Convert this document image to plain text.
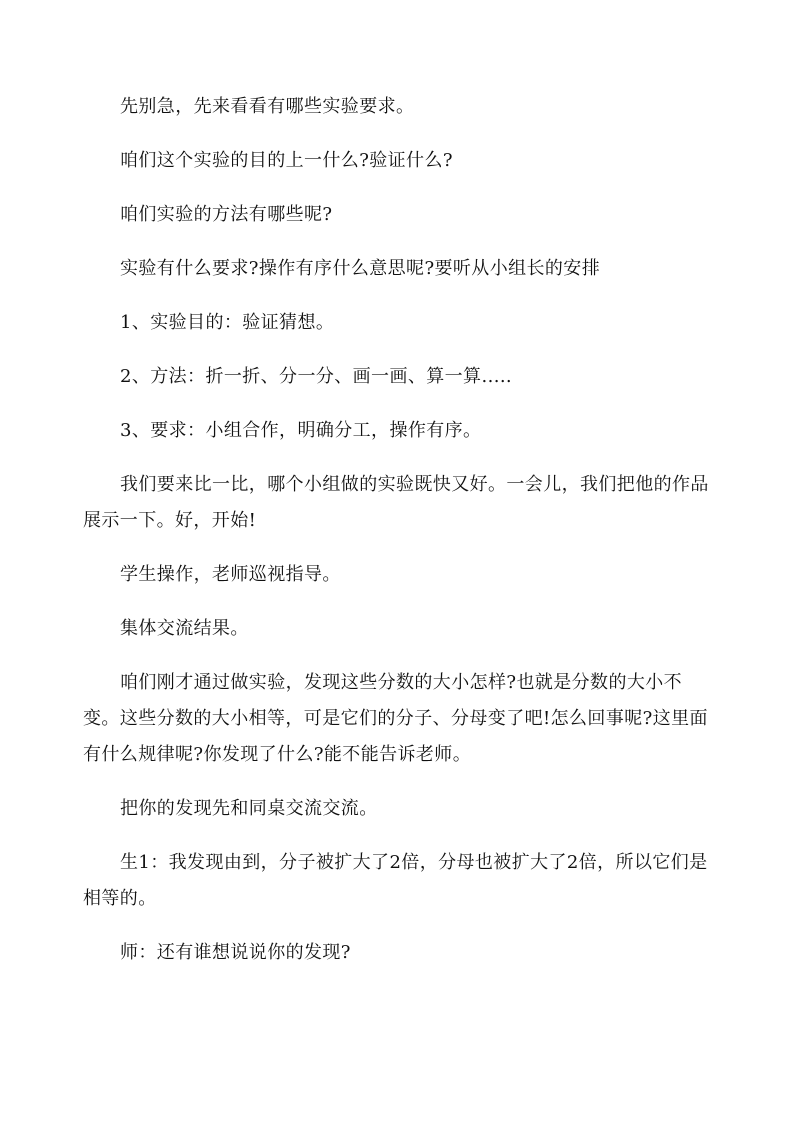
先别急，先来看看有哪些实验要求。

咱们这个实验的目的上一什么?验证什么?

咱们实验的方法有哪些呢?

实验有什么要求?操作有序什么意思呢?要听从小组长的安排

1、实验目的：验证猜想。

2、方法：折一折、分一分、画一画、算一算.....

3、要求：小组合作，明确分工，操作有序。

我们要来比一比，哪个小组做的实验既快又好。一会儿，我们把他的作品展示一下。好，开始!

学生操作，老师巡视指导。

集体交流结果。

咱们刚才通过做实验，发现这些分数的大小怎样?也就是分数的大小不变。这些分数的大小相等，可是它们的分子、分母变了吧!怎么回事呢?这里面有什么规律呢?你发现了什么?能不能告诉老师。

把你的发现先和同桌交流交流。

生1：我发现由到，分子被扩大了2倍，分母也被扩大了2倍，所以它们是相等的。

师：还有谁想说说你的发现?
